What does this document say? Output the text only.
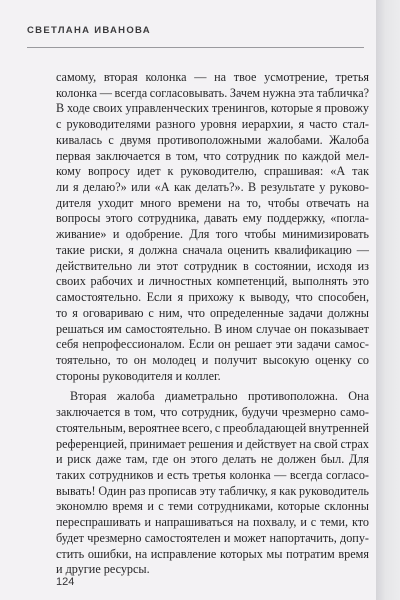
СВЕТЛАНА ИВАНОВА
самому, вторая колонка — на твое усмотрение, третья
колонка — всегда согласовывать. Зачем нужна эта табличка?
В ходе своих управленческих тренингов, которые я провожу
с руководителями разного уровня иерархии, я часто стал-
кивалась с двумя противоположными жалобами. Жалоба
первая заключается в том, что сотрудник по каждой мел-
кому вопросу идет к руководителю, спрашивая: «А так
ли я делаю?» или «А как делать?». В результате у руково-
дителя уходит много времени на то, чтобы отвечать на
вопросы этого сотрудника, давать ему поддержку, «погла-
живание» и одобрение. Для того чтобы минимизировать
такие риски, я должна сначала оценить квалификацию —
действительно ли этот сотрудник в состоянии, исходя из
своих рабочих и личностных компетенций, выполнять это
самостоятельно. Если я прихожу к выводу, что способен,
то я оговариваю с ним, что определенные задачи должны
решаться им самостоятельно. В ином случае он показывает
себя непрофессионалом. Если он решает эти задачи самос-
тоятельно, то он молодец и получит высокую оценку со
стороны руководителя и коллег.
Вторая жалоба диаметрально противоположна. Она
заключается в том, что сотрудник, будучи чрезмерно само-
стоятельным, вероятнее всего, с преобладающей внутренней
референцией, принимает решения и действует на свой страх
и риск даже там, где он этого делать не должен был. Для
таких сотрудников и есть третья колонка — всегда согласо-
вывать! Один раз прописав эту табличку, я как руководитель
экономлю время и с теми сотрудниками, которые склонны
переспрашивать и напрашиваться на похвалу, и с теми, кто
будет чрезмерно самостоятелен и может напортачить, допу-
стить ошибки, на исправление которых мы потратим время
и другие ресурсы.
124
